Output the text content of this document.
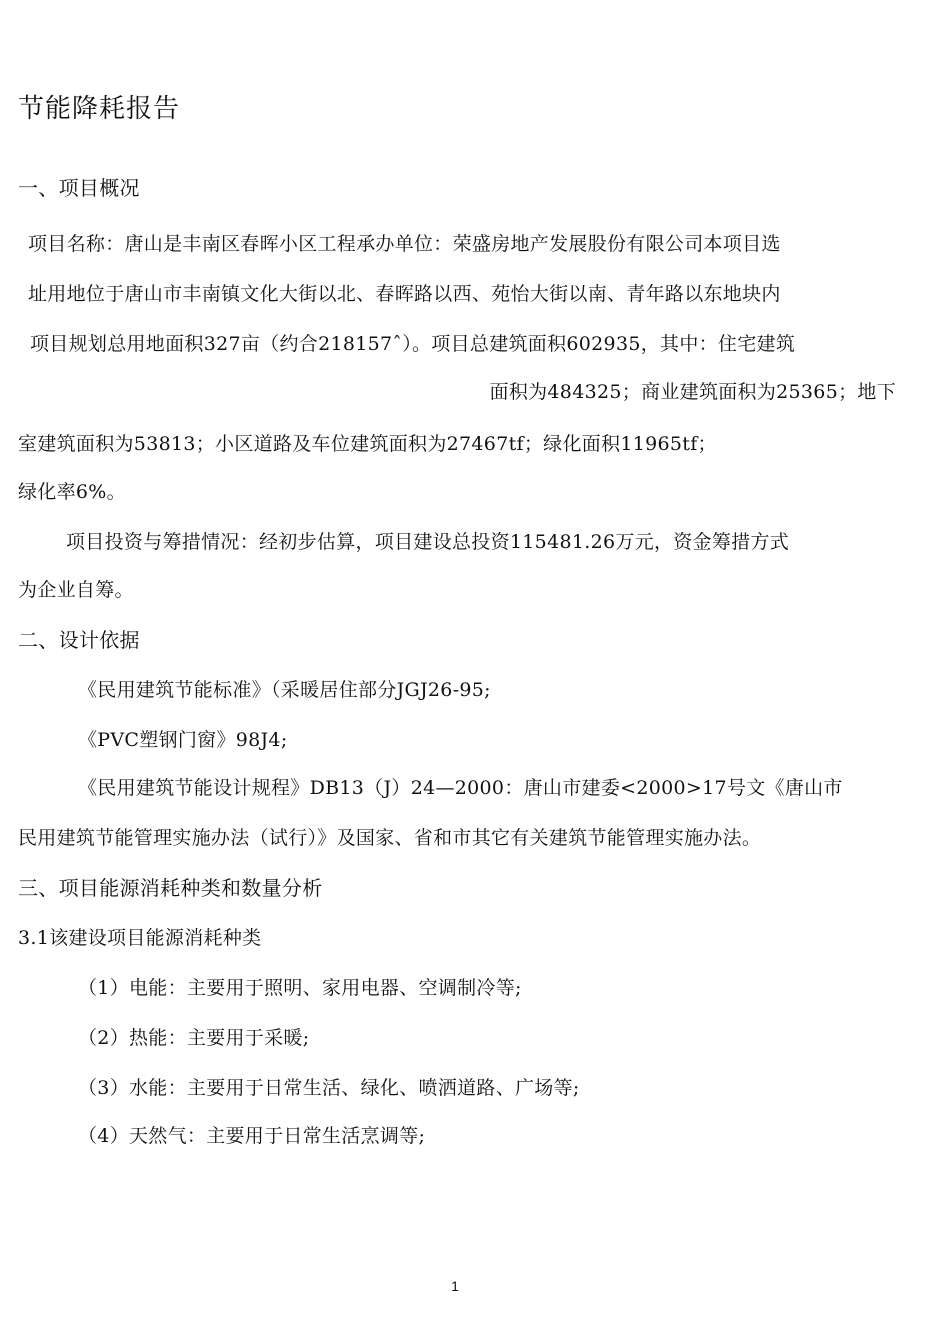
节能降耗报告
一、项目概况
项目名称：唐山是丰南区春晖小区工程承办单位：荣盛房地产发展股份有限公司本项目选
址用地位于唐山市丰南镇文化大街以北、春晖路以西、苑怡大街以南、青年路以东地块内
项目规划总用地面积327亩（约合218157ˆ）。项目总建筑面积602935，其中：住宅建筑
面积为484325；商业建筑面积为25365；地下
室建筑面积为53813；小区道路及车位建筑面积为27467tf；绿化面积11965tf；
绿化率6%。
项目投资与筹措情况：经初步估算，项目建设总投资115481.26万元，资金筹措方式
为企业自筹。
二、设计依据
《民用建筑节能标准》（采暖居住部分JGJ26-95;
《PVC塑钢门窗》98J4;
《民用建筑节能设计规程》DB13（J）24—2000：唐山市建委<2000>17号文《唐山市
民用建筑节能管理实施办法（试行）》及国家、省和市其它有关建筑节能管理实施办法。
三、项目能源消耗种类和数量分析
3.1该建设项目能源消耗种类
（1）电能：主要用于照明、家用电器、空调制冷等;
（2）热能：主要用于采暖;
（3）水能：主要用于日常生活、绿化、喷洒道路、广场等;
（4）天然气：主要用于日常生活烹调等;
1
